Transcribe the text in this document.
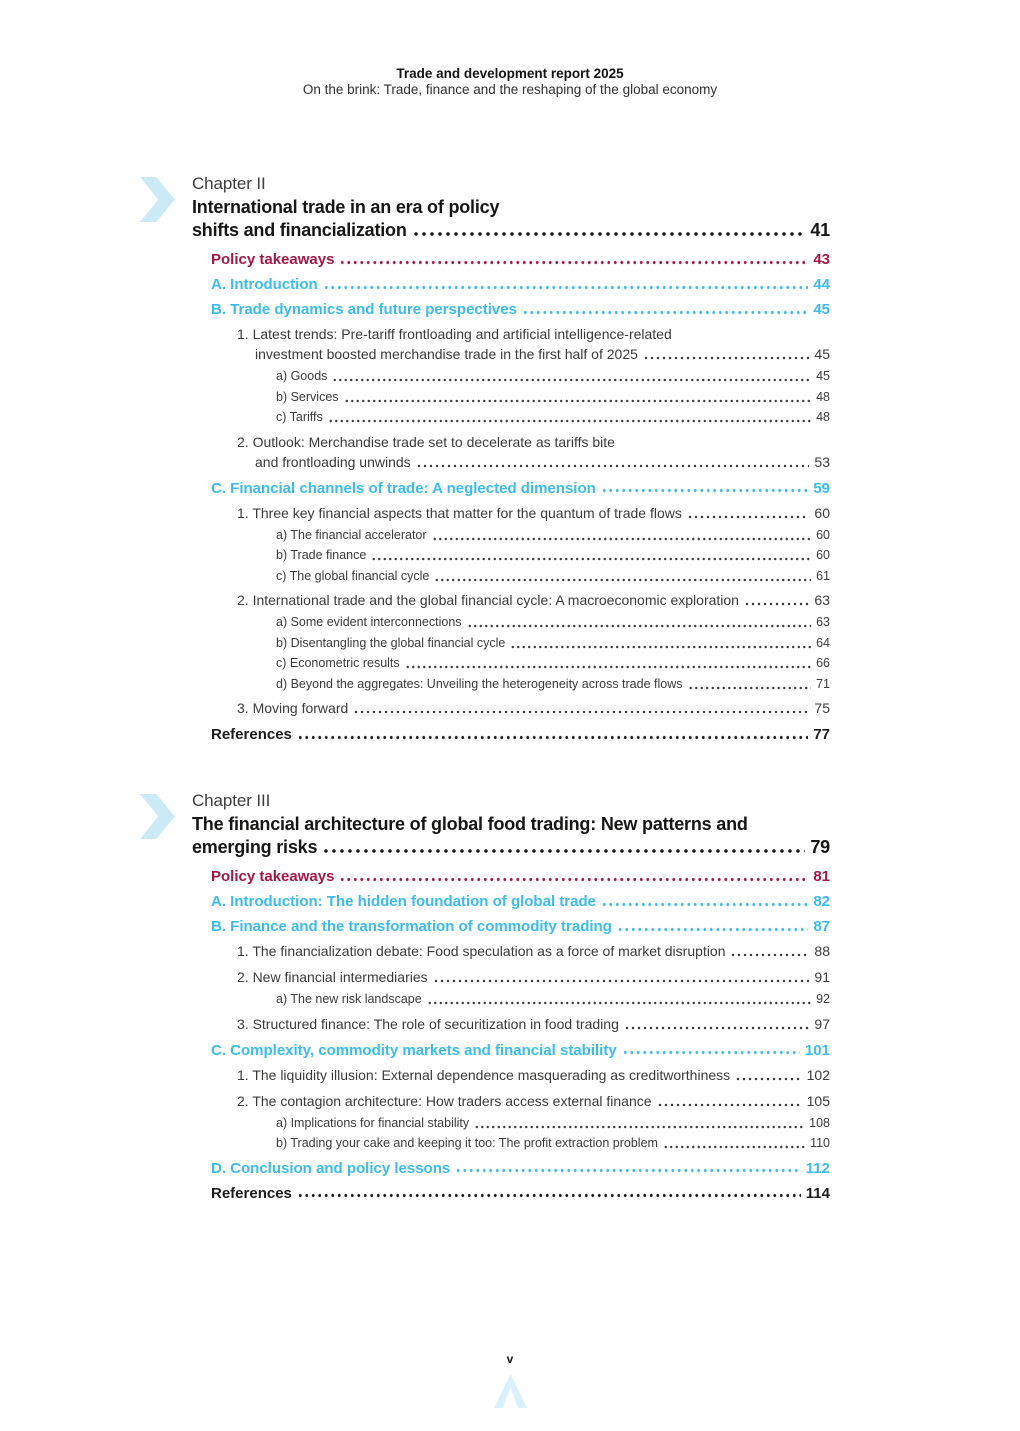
Trade and development report 2025
On the brink: Trade, finance and the reshaping of the global economy
Chapter II
International trade in an era of policy
shifts and financialization	41
Policy takeaways	43
A. Introduction	44
B. Trade dynamics and future perspectives	45
1. Latest trends: Pre-tariff frontloading and artificial intelligence-related
investment boosted merchandise trade in the first half of 2025	45
a) Goods	45
b) Services	48
c) Tariffs	48
2. Outlook: Merchandise trade set to decelerate as tariffs bite
and frontloading unwinds	53
C. Financial channels of trade: A neglected dimension	59
1. Three key financial aspects that matter for the quantum of trade flows	60
a) The financial accelerator	60
b) Trade finance	60
c) The global financial cycle	61
2. International trade and the global financial cycle: A macroeconomic exploration	63
a) Some evident interconnections	63
b) Disentangling the global financial cycle	64
c) Econometric results	66
d) Beyond the aggregates: Unveiling the heterogeneity across trade flows	71
3. Moving forward	75
References	77
Chapter III
The financial architecture of global food trading: New patterns and
emerging risks	79
Policy takeaways	81
A. Introduction: The hidden foundation of global trade	82
B. Finance and the transformation of commodity trading	87
1. The financialization debate: Food speculation as a force of market disruption	88
2. New financial intermediaries	91
a) The new risk landscape	92
3. Structured finance: The role of securitization in food trading	97
C. Complexity, commodity markets and financial stability	101
1. The liquidity illusion: External dependence masquerading as creditworthiness	102
2. The contagion architecture: How traders access external finance	105
a) Implications for financial stability	108
b) Trading your cake and keeping it too: The profit extraction problem	110
D. Conclusion and policy lessons	112
References	114
v
